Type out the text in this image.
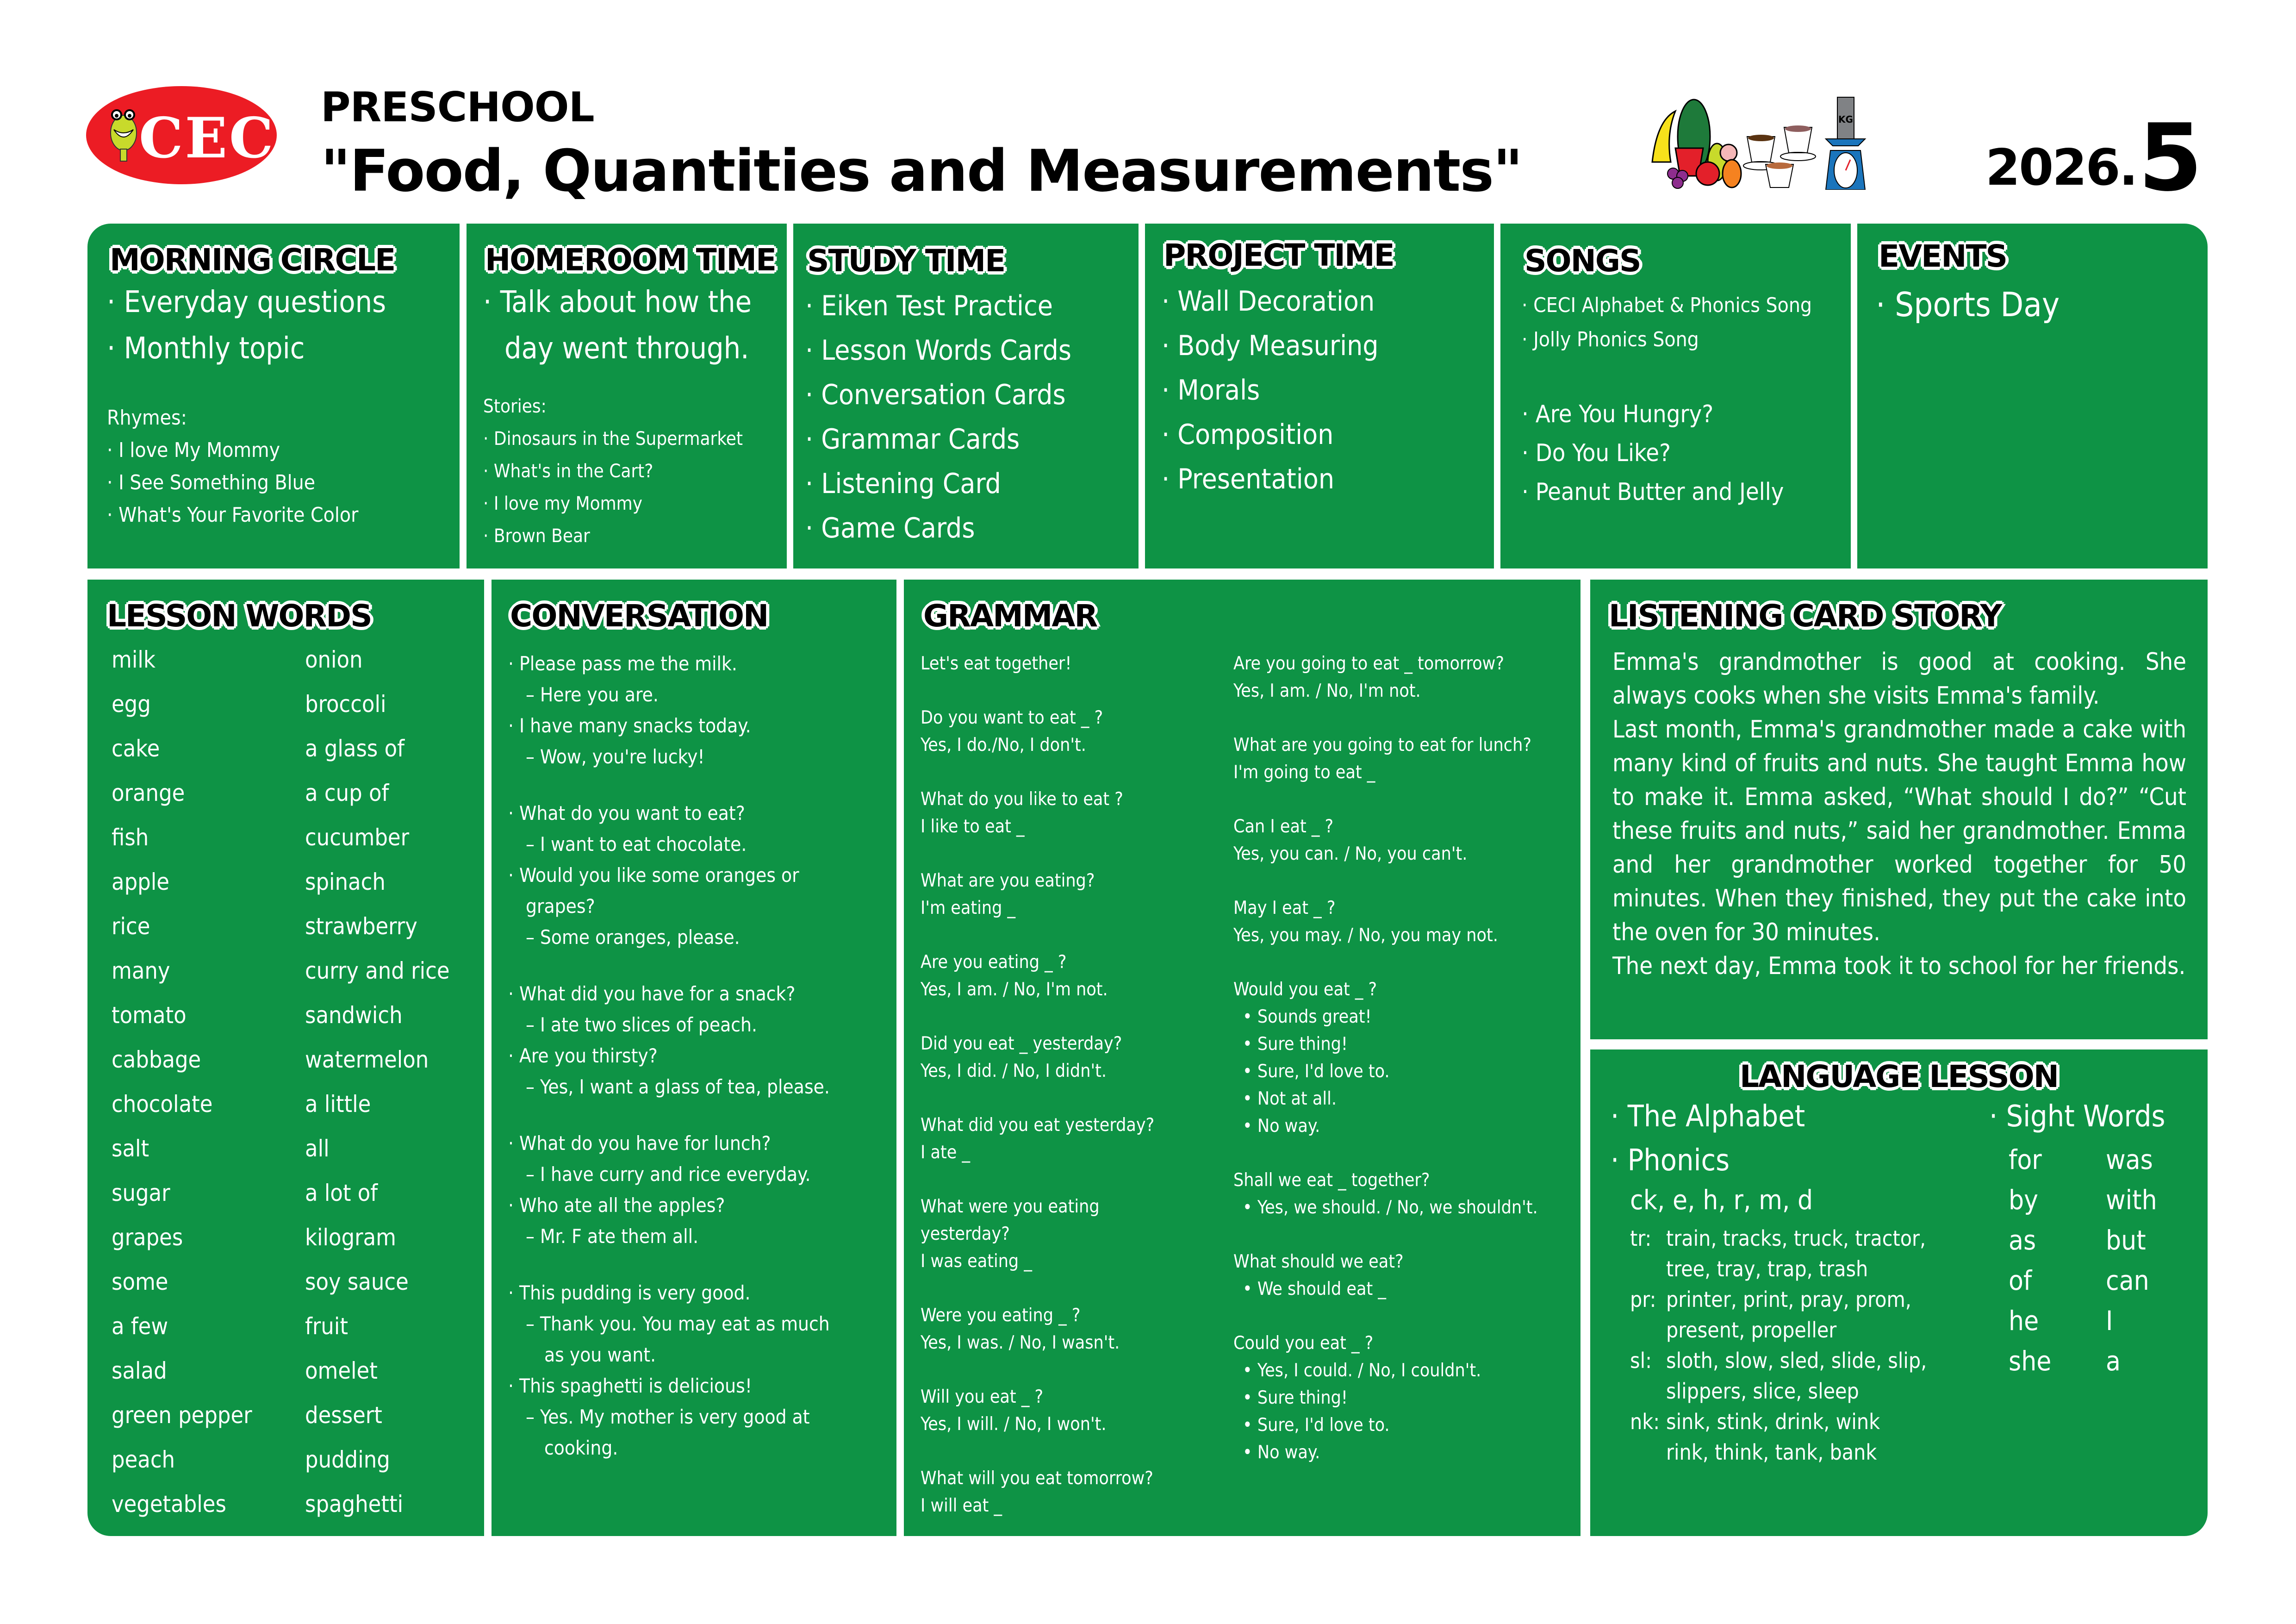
CECI PRESCHOOL
"Food, Quantities and Measurements"
KG
2026. 5
MORNING CIRCLE
· Everyday questions
· Monthly topic
Rhymes:
· I love My Mommy
· I See Something Blue
· What's Your Favorite Color
HOMEROOM TIME
· Talk about how the
day went through.
Stories:
· Dinosaurs in the Supermarket
· What's in the Cart?
· I love my Mommy
· Brown Bear
STUDY TIME
· Eiken Test Practice
· Lesson Words Cards
· Conversation Cards
· Grammar Cards
· Listening Card
· Game Cards
PROJECT TIME
· Wall Decoration
· Body Measuring
· Morals
· Composition
· Presentation
SONGS
· CECI Alphabet & Phonics Song
· Jolly Phonics Song
· Are You Hungry?
· Do You Like?
· Peanut Butter and Jelly
EVENTS
· Sports Day
LESSON WORDS
milk
egg
cake
orange
fish
apple
rice
many
tomato
cabbage
chocolate
salt
sugar
grapes
some
a few
salad
green pepper
peach
vegetables
onion
broccoli
a glass of
a cup of
cucumber
spinach
strawberry
curry and rice
sandwich
watermelon
a little
all
a lot of
kilogram
soy sauce
fruit
omelet
dessert
pudding
spaghetti
CONVERSATION
· Please pass me the milk.
– Here you are.
· I have many snacks today.
– Wow, you're lucky!
· What do you want to eat?
– I want to eat chocolate.
· Would you like some oranges or
grapes?
– Some oranges, please.
· What did you have for a snack?
– I ate two slices of peach.
· Are you thirsty?
– Yes, I want a glass of tea, please.
· What do you have for lunch?
– I have curry and rice everyday.
· Who ate all the apples?
– Mr. F ate them all.
· This pudding is very good.
– Thank you. You may eat as much
as you want.
· This spaghetti is delicious!
– Yes. My mother is very good at
cooking.
GRAMMAR
Let's eat together!
Do you want to eat _ ?
Yes, I do./No, I don't.
What do you like to eat ?
I like to eat _
What are you eating?
I'm eating _
Are you eating _ ?
Yes, I am. / No, I'm not.
Did you eat _ yesterday?
Yes, I did. / No, I didn't.
What did you eat yesterday?
I ate _
What were you eating
yesterday?
I was eating _
Were you eating _ ?
Yes, I was. / No, I wasn't.
Will you eat _ ?
Yes, I will. / No, I won't.
What will you eat tomorrow?
I will eat _
Are you going to eat _ tomorrow?
Yes, I am. / No, I'm not.
What are you going to eat for lunch?
I'm going to eat _
Can I eat _ ?
Yes, you can. / No, you can't.
May I eat _ ?
Yes, you may. / No, you may not.
Would you eat _ ?
• Sounds great!
• Sure thing!
• Sure, I'd love to.
• Not at all.
• No way.
Shall we eat _ together?
• Yes, we should. / No, we shouldn't.
What should we eat?
• We should eat _
Could you eat _ ?
• Yes, I could. / No, I couldn't.
• Sure thing!
• Sure, I'd love to.
• No way.
LISTENING CARD STORY

Emma's grandmother is good at cooking. She always cooks when she visits Emma's family.

Last month, Emma's grandmother made a cake with many kind of fruits and nuts. She taught Emma how to make it. Emma asked, “What should I do?” “Cut these fruits and nuts,” said her grandmother. Emma and her grandmother worked together for 50 minutes. When they finished, they put the cake into the oven for 30 minutes.

The next day, Emma took it to school for her friends.

LANGUAGE LESSON
· The Alphabet
· Phonics
ck, e, h, r, m, d
tr: train, tracks, truck, tractor,
tree, tray, trap, trash
pr: printer, print, pray, prom,
present, propeller
sl: sloth, slow, sled, slide, slip,
slippers, slice, sleep
nk: sink, stink, drink, wink
rink, think, tank, bank
· Sight Words
for
by
as
of
he
she
was
with
but
can
I
a
